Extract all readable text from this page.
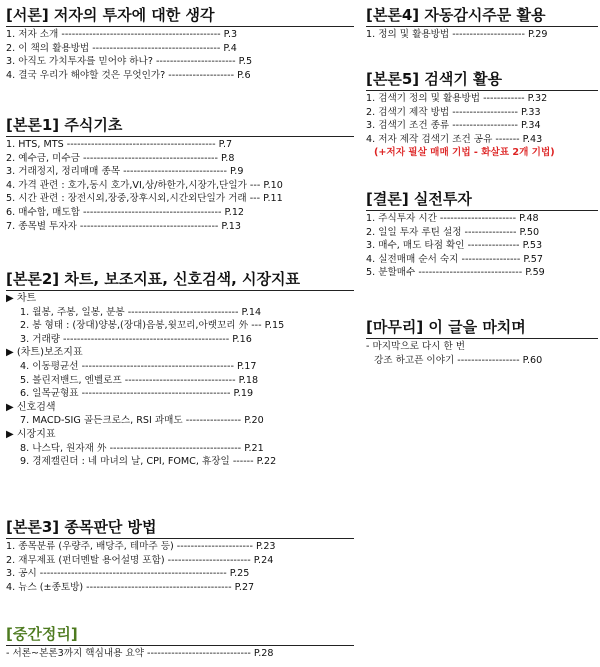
[서론] 저자의 투자에 대한 생각
1. 저자 소개 ---------------------------------------------- P.3
2. 이 책의 활용방법 ------------------------------------- P.4
3. 아직도 가치투자를 믿어야 하나? ----------------------- P.5
4. 결국 우리가 해야할 것은 무엇인가? ------------------- P.6
[본론1] 주식기초
1. HTS, MTS ------------------------------------------- P.7
2. 예수금, 미수금 --------------------------------------- P.8
3. 거래정지, 정리매매 종목 ------------------------------ P.9
4. 가격 관련 : 호가,동시 호가,VI,상/하한가,시장가,단일가 --- P.10
5. 시간 관련 : 장전시외,장중,장후시외,시간외단일가 거래 --- P.11
6. 매수합, 매도합 ---------------------------------------- P.12
7. 종목별 투자자 ---------------------------------------- P.13
[본론2] 차트, 보조지표, 신호검색, 시장지표
▶ 차트
1. 월봉, 주봉, 일봉, 분봉 -------------------------------- P.14
2. 봉 형태 : (장대)양봉,(장대)음봉,윗꼬리,아랫꼬리 外 --- P.15
3. 거래량 ------------------------------------------------ P.16
▶ (차트)보조지표
4. 이동평균선 -------------------------------------------- P.17
5. 볼린저밴드, 엔벨로프 -------------------------------- P.18
6. 일목균형표 ------------------------------------------- P.19
▶ 신호검색
7. MACD-SIG 골든크로스, RSI 과매도 ---------------- P.20
▶ 시장지표
8. 나스닥, 원자재 外 -------------------------------------- P.21
9. 경제캘린더 : 네 마녀의 날, CPI, FOMC, 휴장일 ------ P.22
[본론3] 종목판단 방법
1. 종목분류 (우량주, 배당주, 테마주 등) ---------------------- P.23
2. 재무제표 (펀더멘탈 용어설명 포함) ------------------------ P.24
3. 공시 ------------------------------------------------------ P.25
4. 뉴스 (±종토방) ------------------------------------------ P.27
[중간정리]
- 서론~본론3까지 핵심내용 요약 ------------------------------ P.28
[본론4] 자동감시주문 활용
1. 정의 및 활용방법 --------------------- P.29
[본론5] 검색기 활용
1. 검색기 정의 및 활용방법 ------------ P.32
2. 검색기 제작 방법 ------------------- P.33
3. 검색기 조건 종류 ------------------- P.34
4. 저자 제작 검색기 조건 공유 ------- P.43
(+저자 필살 매매 기법 - 화살표 2개 기법)
[결론] 실전투자
1. 주식투자 시간 ---------------------- P.48
2. 일일 투자 루틴 설정 --------------- P.50
3. 매수, 매도 타점 확인 --------------- P.53
4. 실전매매 순서 숙지 ----------------- P.57
5. 분할매수 ------------------------------ P.59
[마무리] 이 글을 마치며
- 마지막으로 다시 한 번
강조 하고픈 이야기 ------------------ P.60
